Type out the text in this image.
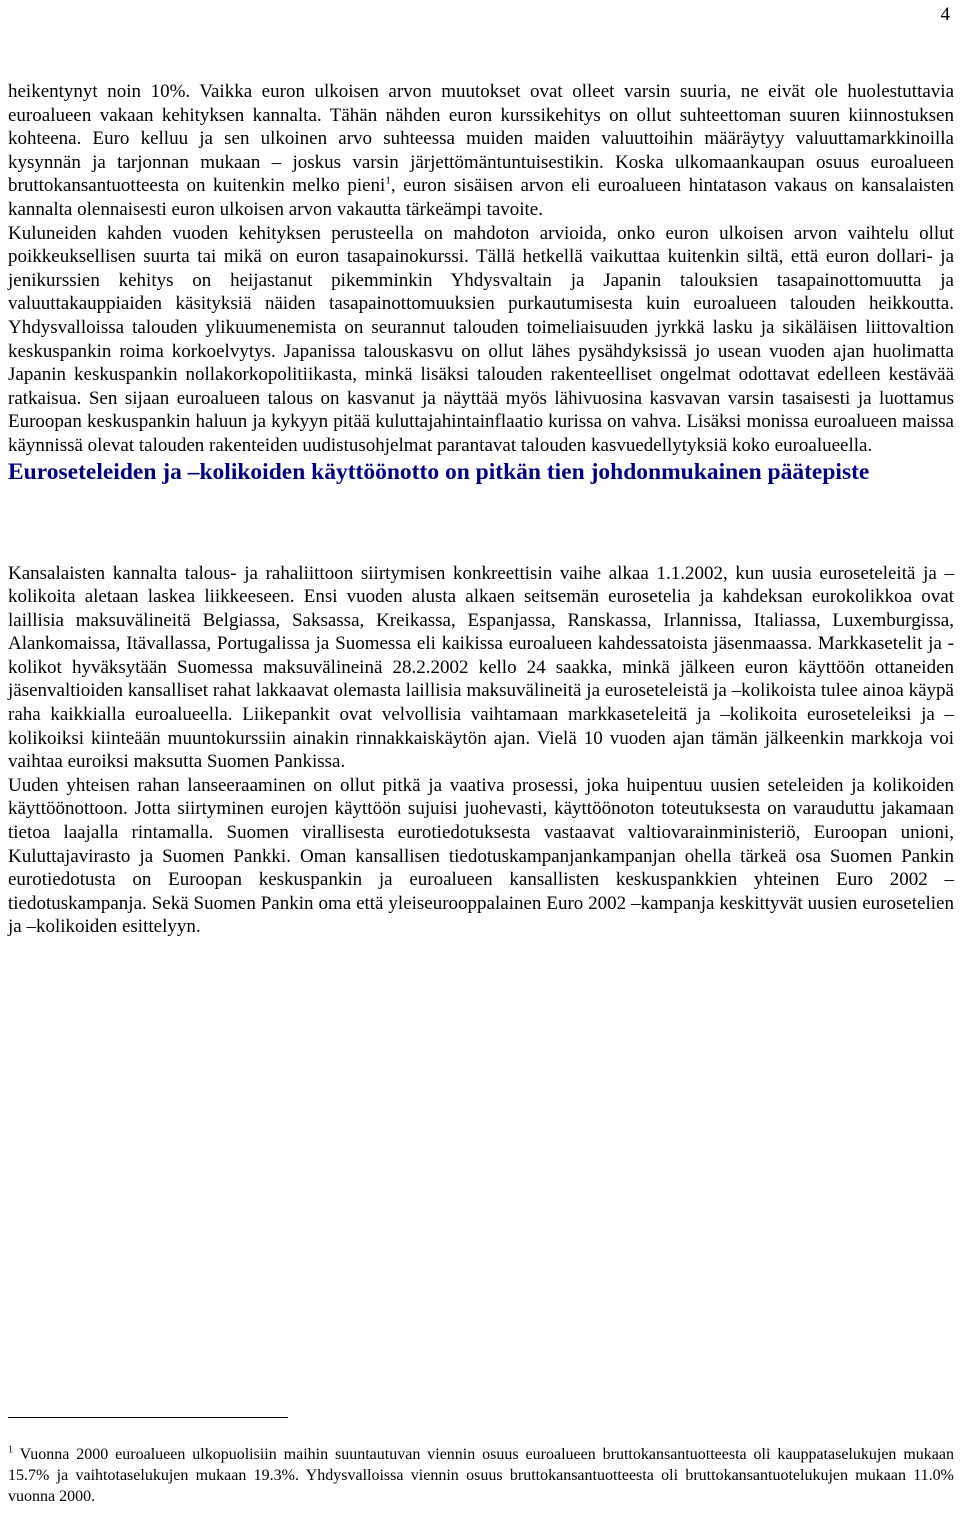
4

heikentynyt noin 10%. Vaikka euron ulkoisen arvon muutokset ovat olleet varsin suuria, ne eivät ole huolestuttavia euroalueen vakaan kehityksen kannalta. Tähän nähden euron kurssikehitys on ollut suhteettoman suuren kiinnostuksen kohteena. Euro kelluu ja sen ulkoinen arvo suhteessa muiden maiden valuuttoihin määräytyy valuuttamarkkinoilla kysynnän ja tarjonnan mukaan – joskus varsin järjettömäntuntuisestikin. Koska ulkomaankaupan osuus euroalueen bruttokansantuotteesta on kuitenkin melko pieni$^1$, euron sisäisen arvon eli euroalueen hintatason vakaus on kansalaisten kannalta olennaisesti euron ulkoisen arvon vakautta tärkeämpi tavoite.

Kuluneiden kahden vuoden kehityksen perusteella on mahdoton arvioida, onko euron ulkoisen arvon vaihtelu ollut poikkeuksellisen suurta tai mikä on euron tasapainokurssi. Tällä hetkellä vaikuttaa kuitenkin siltä, että euron dollari- ja jenikurssien kehitys on heijastanut pikemminkin Yhdysvaltain ja Japanin talouksien tasapainottomuutta ja valuuttakauppiaiden käsityksiä näiden tasapainottomuuksien purkautumisesta kuin euroalueen talouden heikkoutta. Yhdysvalloissa talouden ylikuumenemista on seurannut talouden toimeliaisuuden jyrkkä lasku ja sikäläisen liittovaltion keskuspankin roima korkoelvytys. Japanissa talouskasvu on ollut lähes pysähdyksissä jo usean vuoden ajan huolimatta Japanin keskuspankin nollakorkopolitiikasta, minkä lisäksi talouden rakenteelliset ongelmat odottavat edelleen kestävää ratkaisua. Sen sijaan euroalueen talous on kasvanut ja näyttää myös lähivuosina kasvavan varsin tasaisesti ja luottamus Euroopan keskuspankin haluun ja kykyyn pitää kuluttajahintainflaatio kurissa on vahva. Lisäksi monissa euroalueen maissa käynnissä olevat talouden rakenteiden uudistusohjelmat parantavat talouden kasvuedellytyksiä koko euroalueella.

Euroseteleiden ja –kolikoiden käyttöönotto on pitkän tien johdonmukainen päätepiste

Kansalaisten kannalta talous- ja rahaliittoon siirtymisen konkreettisin vaihe alkaa 1.1.2002, kun uusia euroseteleitä ja –kolikoita aletaan laskea liikkeeseen. Ensi vuoden alusta alkaen seitsemän eurosetelia ja kahdeksan eurokolikkoa ovat laillisia maksuvälineitä Belgiassa, Saksassa, Kreikassa, Espanjassa, Ranskassa, Irlannissa, Italiassa, Luxemburgissa, Alankomaissa, Itävallassa, Portugalissa ja Suomessa eli kaikissa euroalueen kahdessatoista jäsenmaassa. Markkasetelit ja -kolikot hyväksytään Suomessa maksuvälineinä 28.2.2002 kello 24 saakka, minkä jälkeen euron käyttöön ottaneiden jäsenvaltioiden kansalliset rahat lakkaavat olemasta laillisia maksuvälineitä ja euroseteleistä ja –kolikoista tulee ainoa käypä raha kaikkialla euroalueella. Liikepankit ovat velvollisia vaihtamaan markkaseteleitä ja –kolikoita euroseteleiksi ja –kolikoiksi kiinteään muuntokurssiin ainakin rinnakkaiskäytön ajan. Vielä 10 vuoden ajan tämän jälkeenkin markkoja voi vaihtaa euroiksi maksutta Suomen Pankissa.

Uuden yhteisen rahan lanseeraaminen on ollut pitkä ja vaativa prosessi, joka huipentuu uusien seteleiden ja kolikoiden käyttöönottoon. Jotta siirtyminen eurojen käyttöön sujuisi juohevasti, käyttöönoton toteutuksesta on varauduttu jakamaan tietoa laajalla rintamalla. Suomen virallisesta eurotiedotuksesta vastaavat valtiovarainministeriö, Euroopan unioni, Kuluttajavirasto ja Suomen Pankki. Oman kansallisen tiedotuskampanjankampanjan ohella tärkeä osa Suomen Pankin eurotiedotusta on Euroopan keskuspankin ja euroalueen kansallisten keskuspankkien yhteinen Euro 2002 –tiedotuskampanja. Sekä Suomen Pankin oma että yleiseurooppalainen Euro 2002 –kampanja keskittyvät uusien eurosetelien ja –kolikoiden esittelyyn.

$^1$ Vuonna 2000 euroalueen ulkopuolisiin maihin suuntautuvan viennin osuus euroalueen bruttokansantuotteesta oli kauppataselukujen mukaan 15.7% ja vaihtotaselukujen mukaan 19.3%. Yhdysvalloissa viennin osuus bruttokansantuotteesta oli bruttokansantuotelukujen mukaan 11.0% vuonna 2000.
